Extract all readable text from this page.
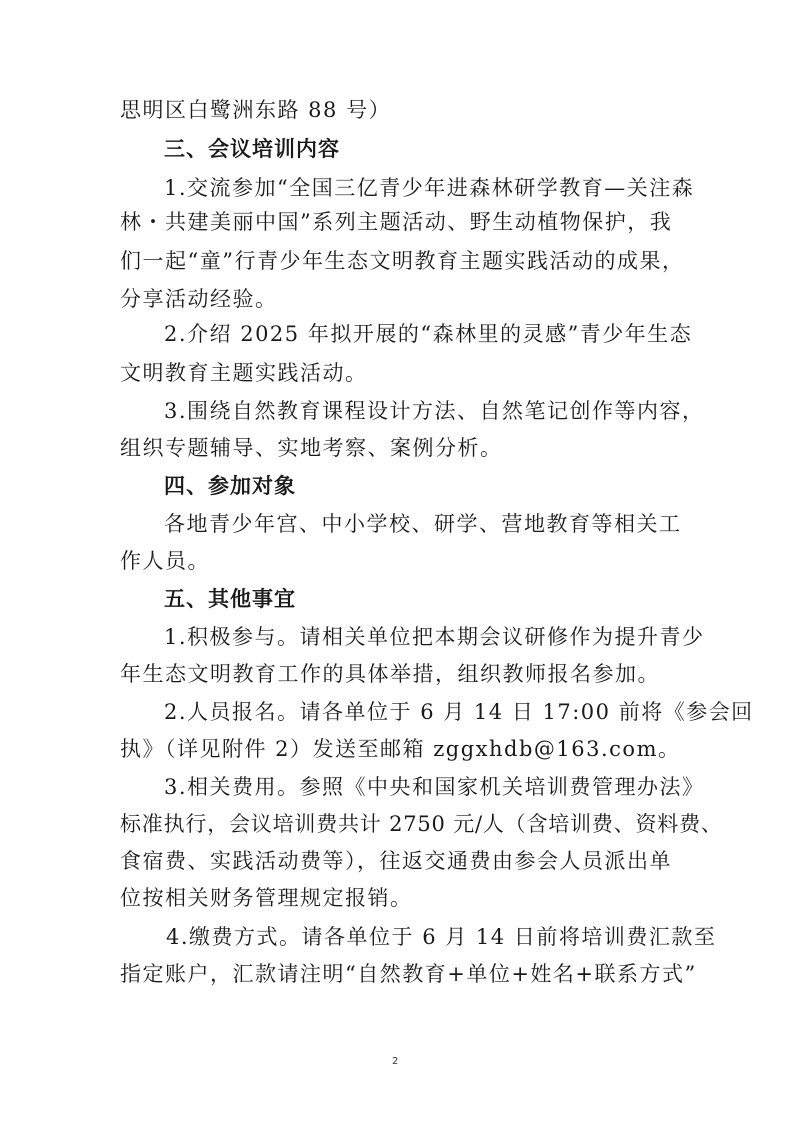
思明区白鹭洲东路 88 号）
三、会议培训内容
1.交流参加“全国三亿青少年进森林研学教育—关注森
林・共建美丽中国”系列主题活动、野生动植物保护，我
们一起“童”行青少年生态文明教育主题实践活动的成果，
分享活动经验。
2.介绍 2025 年拟开展的“森林里的灵感”青少年生态
文明教育主题实践活动。
3.围绕自然教育课程设计方法、自然笔记创作等内容，
组织专题辅导、实地考察、案例分析。
四、参加对象
各地青少年宫、中小学校、研学、营地教育等相关工
作人员。
五、其他事宜
1.积极参与。请相关单位把本期会议研修作为提升青少
年生态文明教育工作的具体举措，组织教师报名参加。
2.人员报名。请各单位于 6 月 14 日 17:00 前将《参会回
执》（详见附件 2）发送至邮箱 zggxhdb@163.com。
3.相关费用。参照《中央和国家机关培训费管理办法》
标准执行，会议培训费共计 2750 元/人（含培训费、资料费、
食宿费、实践活动费等），往返交通费由参会人员派出单
位按相关财务管理规定报销。
4.缴费方式。请各单位于 6 月 14 日前将培训费汇款至
指定账户，汇款请注明“自然教育+单位+姓名+联系方式”
2
